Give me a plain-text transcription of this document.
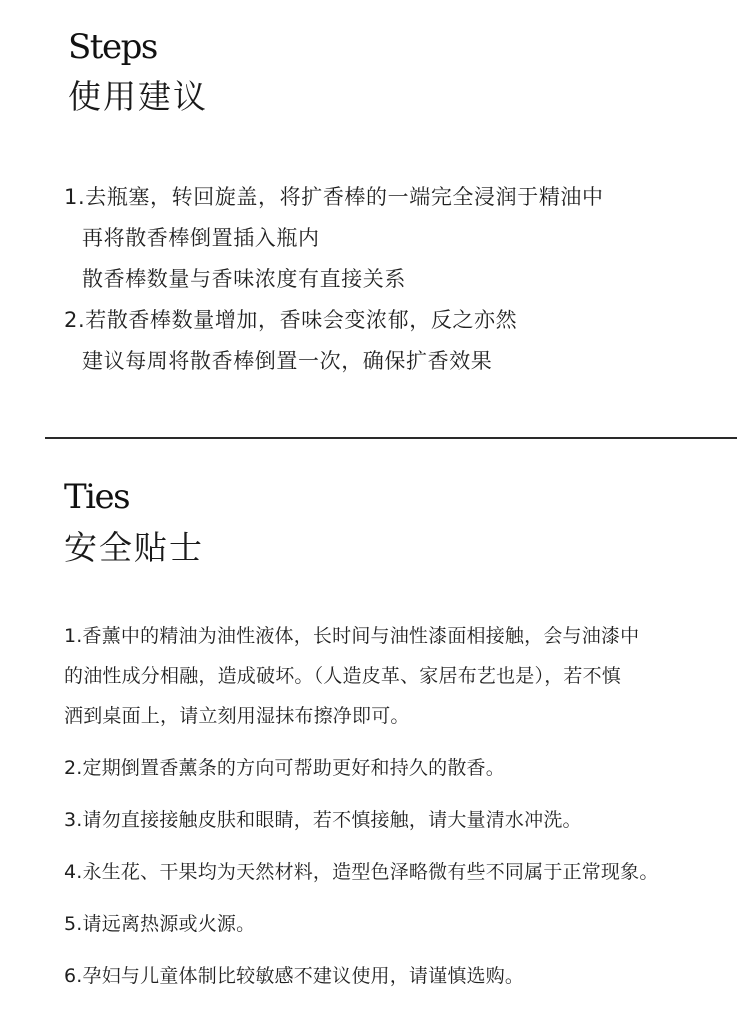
Steps
使用建议
1.去瓶塞，转回旋盖，将扩香棒的一端完全浸润于精油中
再将散香棒倒置插入瓶内
散香棒数量与香味浓度有直接关系
2.若散香棒数量增加，香味会变浓郁，反之亦然
建议每周将散香棒倒置一次，确保扩香效果
Ties
安全贴士
1.香薰中的精油为油性液体，长时间与油性漆面相接触，会与油漆中
的油性成分相融，造成破坏。（人造皮革、家居布艺也是），若不慎
洒到桌面上，请立刻用湿抹布擦净即可。
2.定期倒置香薰条的方向可帮助更好和持久的散香。
3.请勿直接接触皮肤和眼睛，若不慎接触，请大量清水冲洗。
4.永生花、干果均为天然材料，造型色泽略微有些不同属于正常现象。
5.请远离热源或火源。
6.孕妇与儿童体制比较敏感不建议使用，请谨慎选购。
